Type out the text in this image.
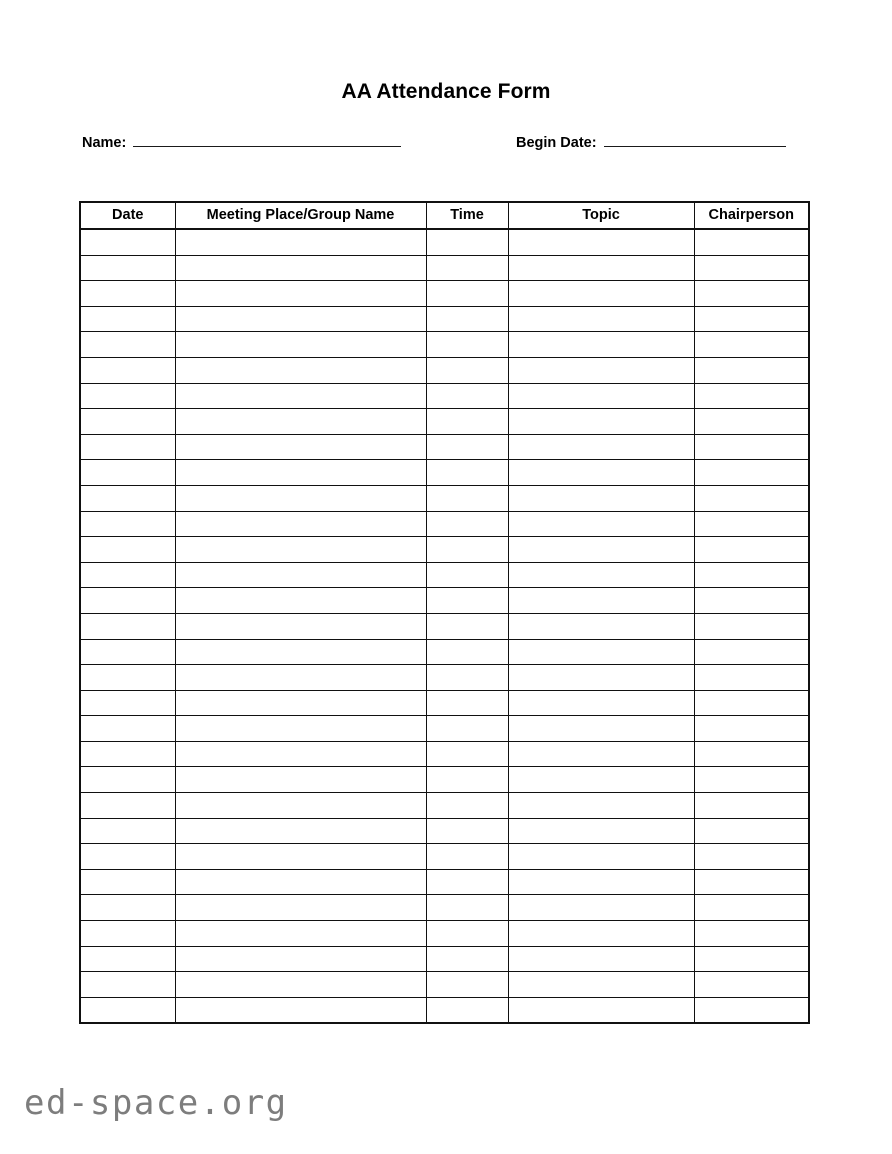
AA Attendance Form
Name:	Begin Date:
Date	Meeting Place/Group Name	Time	Topic	Chairperson

ed-space.org
